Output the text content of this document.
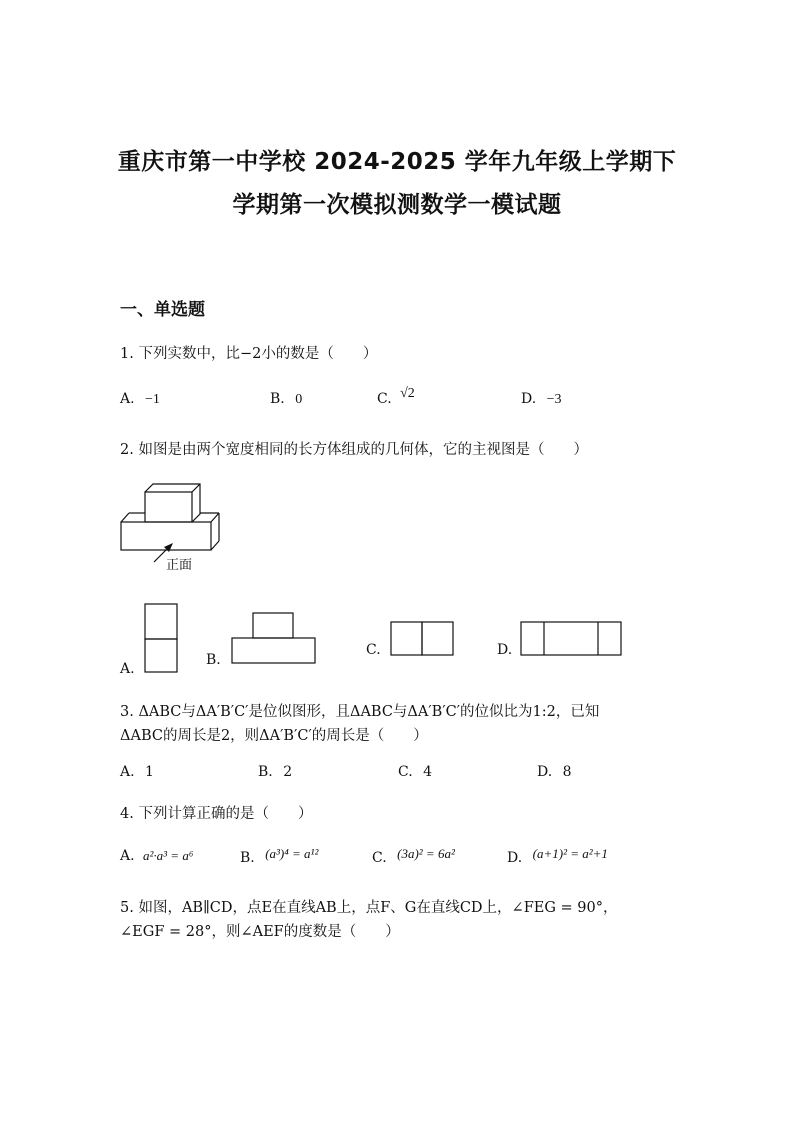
重庆市第一中学校 2024-2025 学年九年级上学期下
学期第一次模拟测数学一模试题
一、单选题
1. 下列实数中，比−2小的数是（　　）
A. −1	B. 0	C. √2	D. −3
2. 如图是由两个宽度相同的长方体组成的几何体，它的主视图是（　　）
正面
A.
B.
C.	D.
3. ΔABC与ΔA′B′C′是位似图形，且ΔABC与ΔA′B′C′的位似比为1:2，已知
ΔABC的周长是2，则ΔA′B′C′的周长是（　　）
A. 1	B. 2	C. 4	D. 8
4. 下列计算正确的是（　　）
A. a²·a³ = a⁶	B. (a³)⁴ = a¹²	C. (3a)² = 6a²	D. (a+1)² = a²+1
5. 如图，AB∥CD，点E在直线AB上，点F、G在直线CD上，∠FEG = 90°，
∠EGF = 28°，则∠AEF的度数是（　　）
